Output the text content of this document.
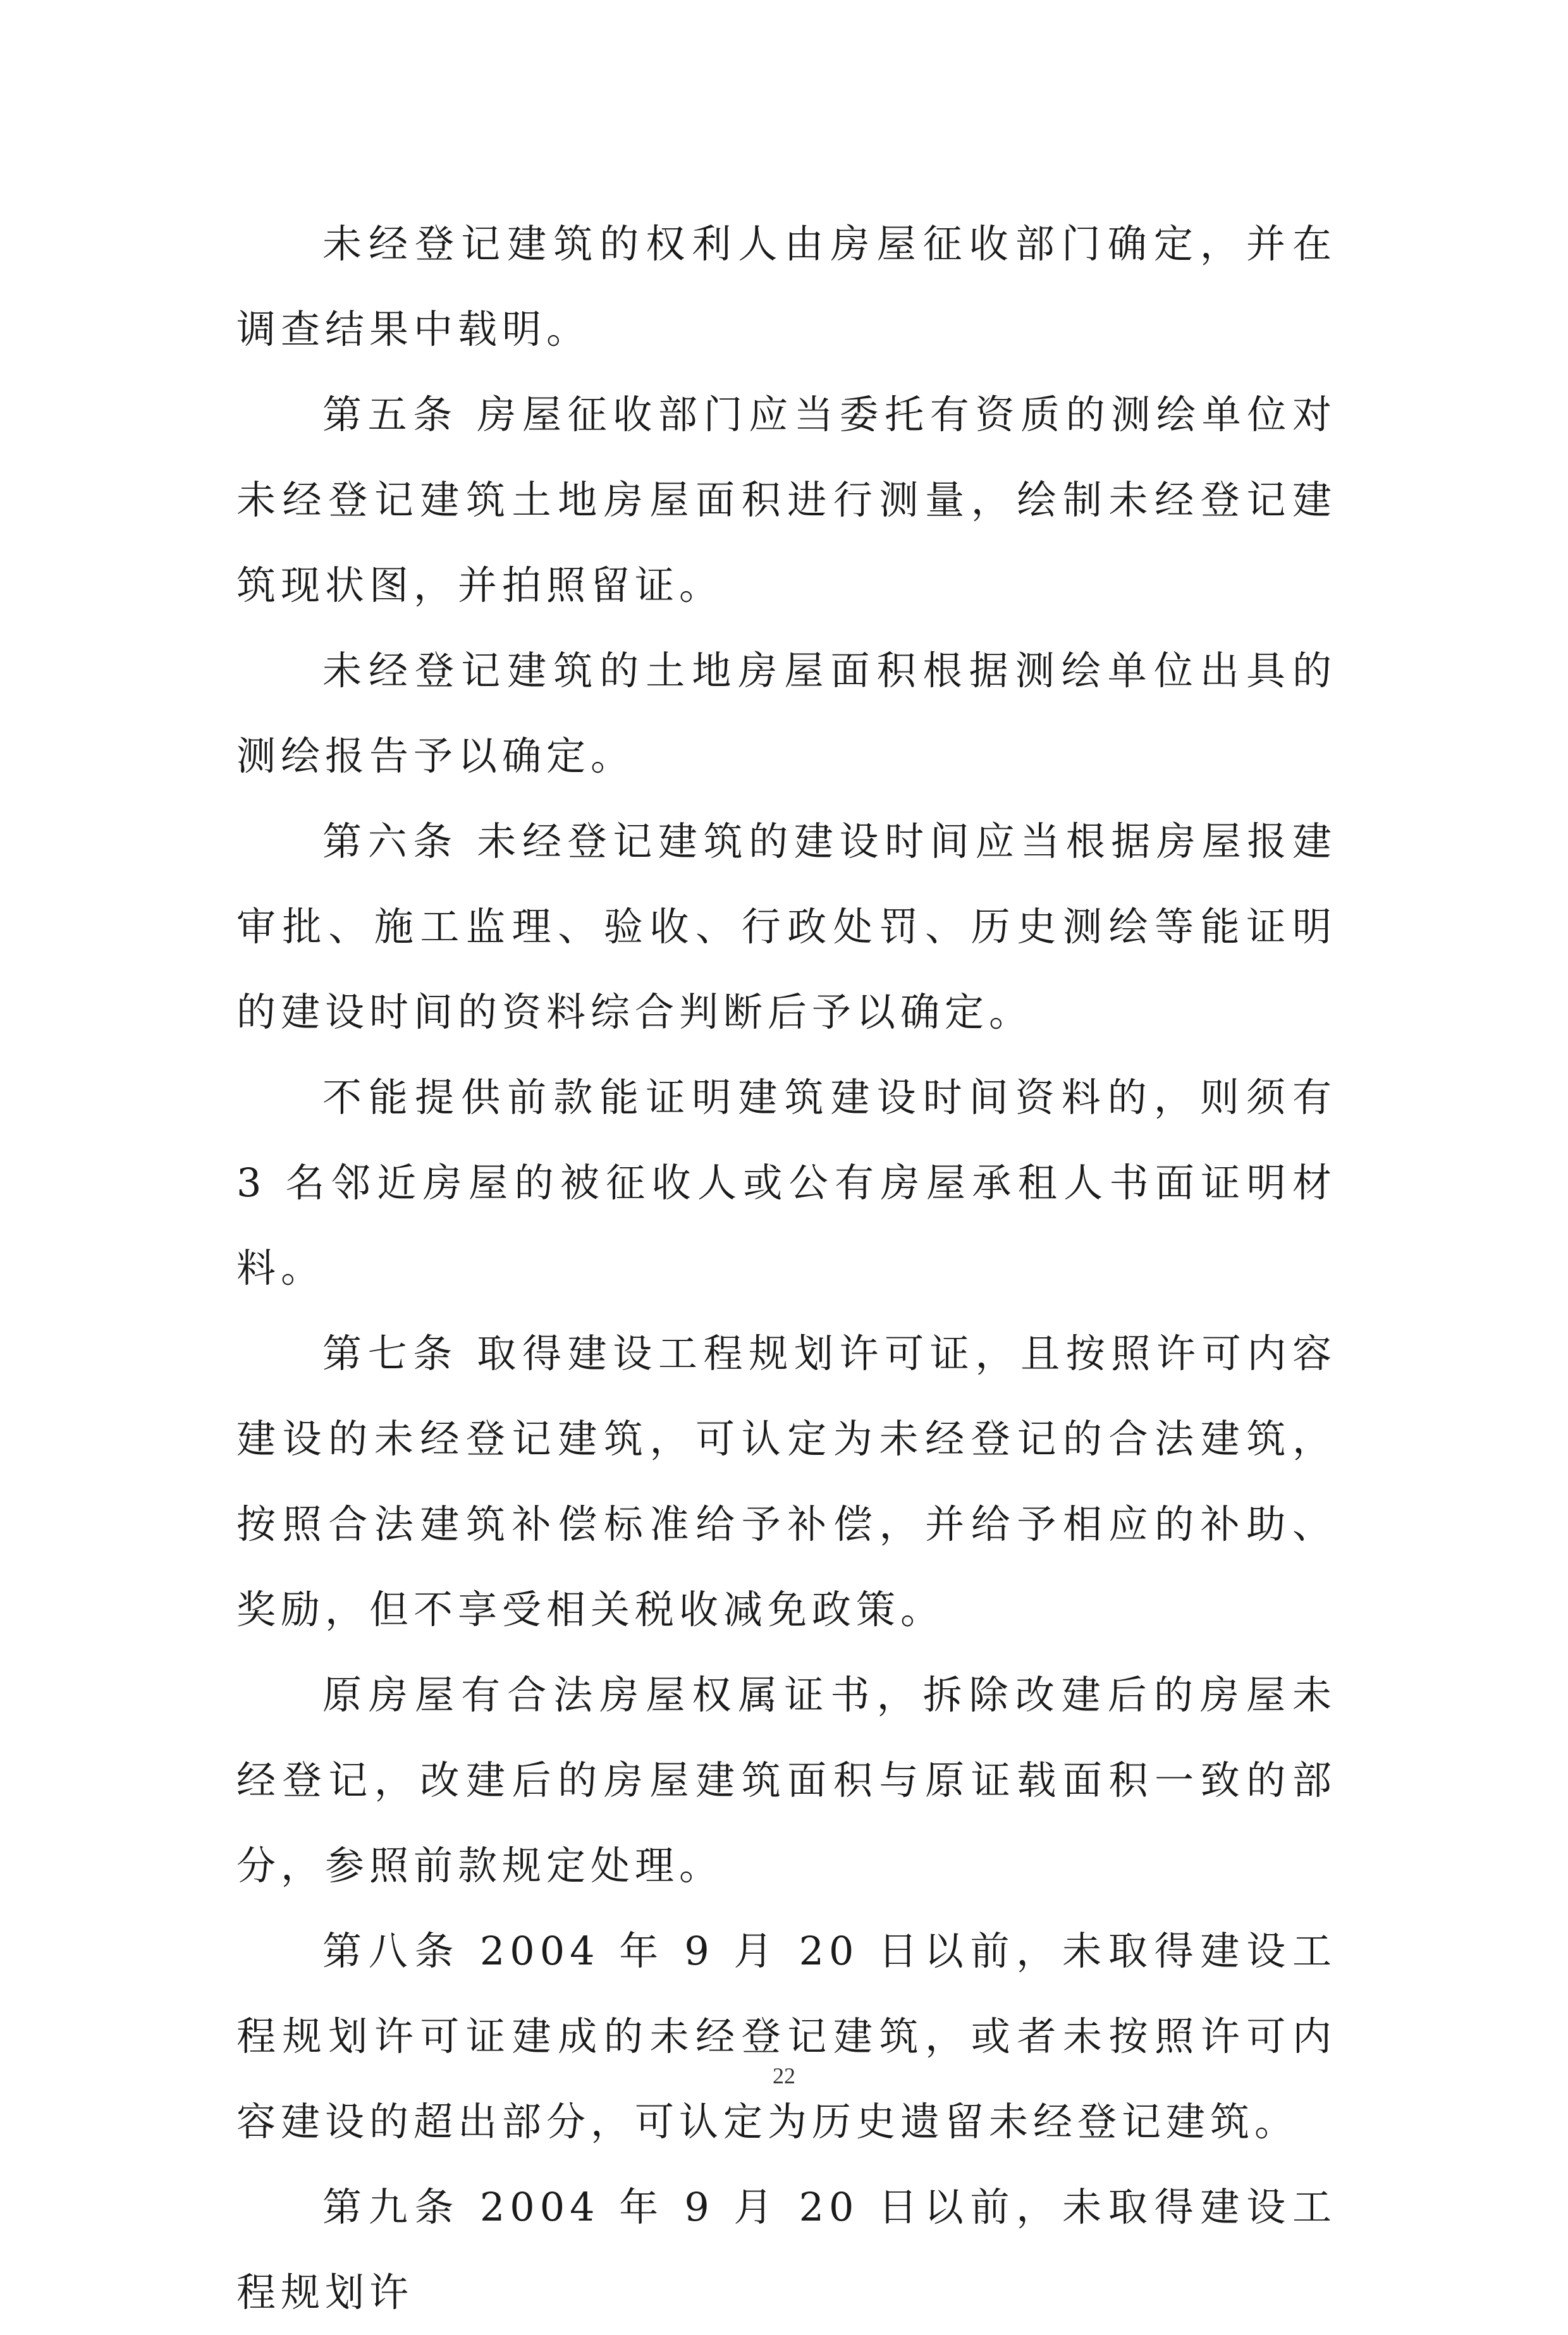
未经登记建筑的权利人由房屋征收部门确定，并在调查结果中载明。

第五条 房屋征收部门应当委托有资质的测绘单位对未经登记建筑土地房屋面积进行测量，绘制未经登记建筑现状图，并拍照留证。

未经登记建筑的土地房屋面积根据测绘单位出具的测绘报告予以确定。

第六条 未经登记建筑的建设时间应当根据房屋报建审批、施工监理、验收、行政处罚、历史测绘等能证明的建设时间的资料综合判断后予以确定。

不能提供前款能证明建筑建设时间资料的，则须有 3 名邻近房屋的被征收人或公有房屋承租人书面证明材料。

第七条 取得建设工程规划许可证，且按照许可内容建设的未经登记建筑，可认定为未经登记的合法建筑，按照合法建筑补偿标准给予补偿，并给予相应的补助、奖励，但不享受相关税收减免政策。

原房屋有合法房屋权属证书，拆除改建后的房屋未经登记，改建后的房屋建筑面积与原证载面积一致的部分，参照前款规定处理。

第八条 2004 年 9 月 20 日以前，未取得建设工程规划许可证建成的未经登记建筑，或者未按照许可内容建设的超出部分，可认定为历史遗留未经登记建筑。

第九条 2004 年 9 月 20 日以前，未取得建设工程规划许

22
